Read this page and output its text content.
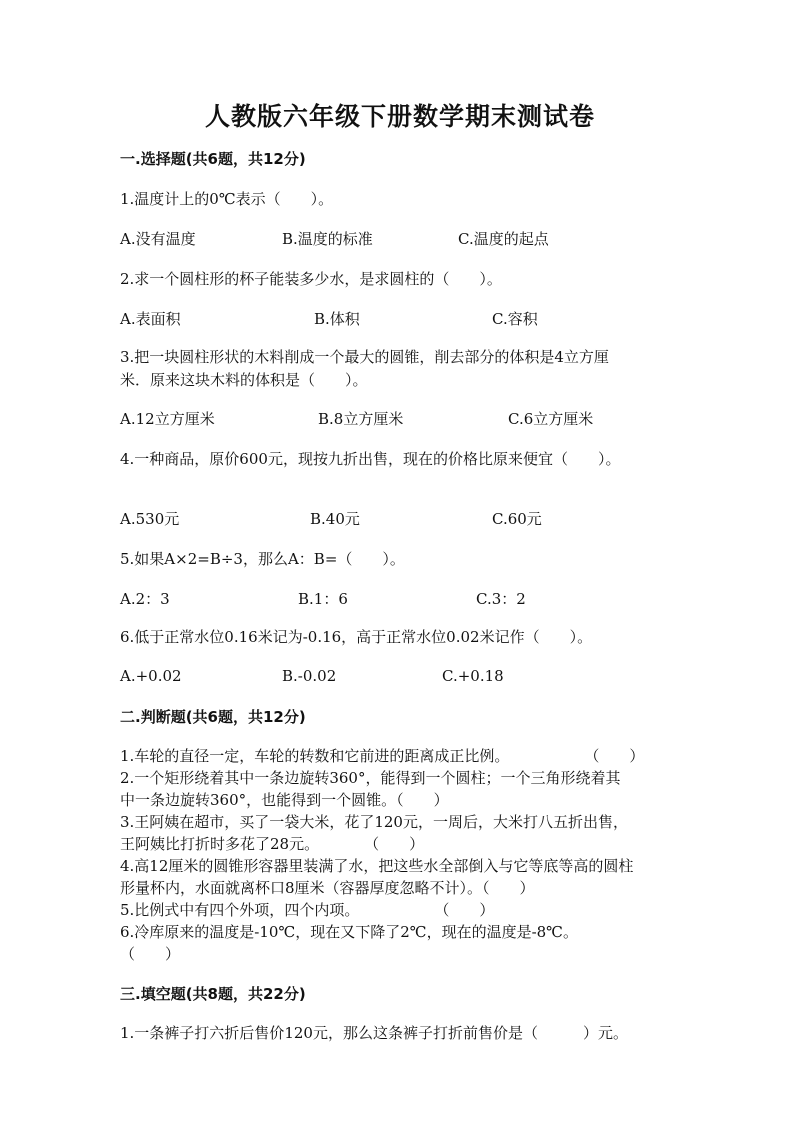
人教版六年级下册数学期末测试卷
一.选择题(共6题，共12分)
1.温度计上的0℃表示（　　）。
A.没有温度	B.温度的标准	C.温度的起点
2.求一个圆柱形的杯子能装多少水，是求圆柱的（　　）。
A.表面积	B.体积	C.容积
3.把一块圆柱形状的木料削成一个最大的圆锥，削去部分的体积是4立方厘
米．原来这块木料的体积是（　　）。
A.12立方厘米	B.8立方厘米	C.6立方厘米
4.一种商品，原价600元，现按九折出售，现在的价格比原来便宜（　　）。
A.530元	B.40元	C.60元
5.如果A×2=B÷3，那么A：B=（　　）。
A.2：3	B.1：6	C.3：2
6.低于正常水位0.16米记为-0.16，高于正常水位0.02米记作（　　）。
A.+0.02	B.-0.02	C.+0.18
二.判断题(共6题，共12分)
1.车轮的直径一定，车轮的转数和它前进的距离成正比例。　　　　　　（　　）
2.一个矩形绕着其中一条边旋转360°，能得到一个圆柱；一个三角形绕着其
中一条边旋转360°，也能得到一个圆锥。（　　）
3.王阿姨在超市，买了一袋大米，花了120元，一周后，大米打八五折出售，
王阿姨比打折时多花了28元。　　　　（　　）
4.高12厘米的圆锥形容器里装满了水，把这些水全部倒入与它等底等高的圆柱
形量杯内，水面就离杯口8厘米（容器厚度忽略不计）。（　　）
5.比例式中有四个外项，四个内项。　　　　　　（　　）
6.冷库原来的温度是-10℃，现在又下降了2℃，现在的温度是-8℃。
（　　）
三.填空题(共8题，共22分)
1.一条裤子打六折后售价120元，那么这条裤子打折前售价是（　　　）元。
